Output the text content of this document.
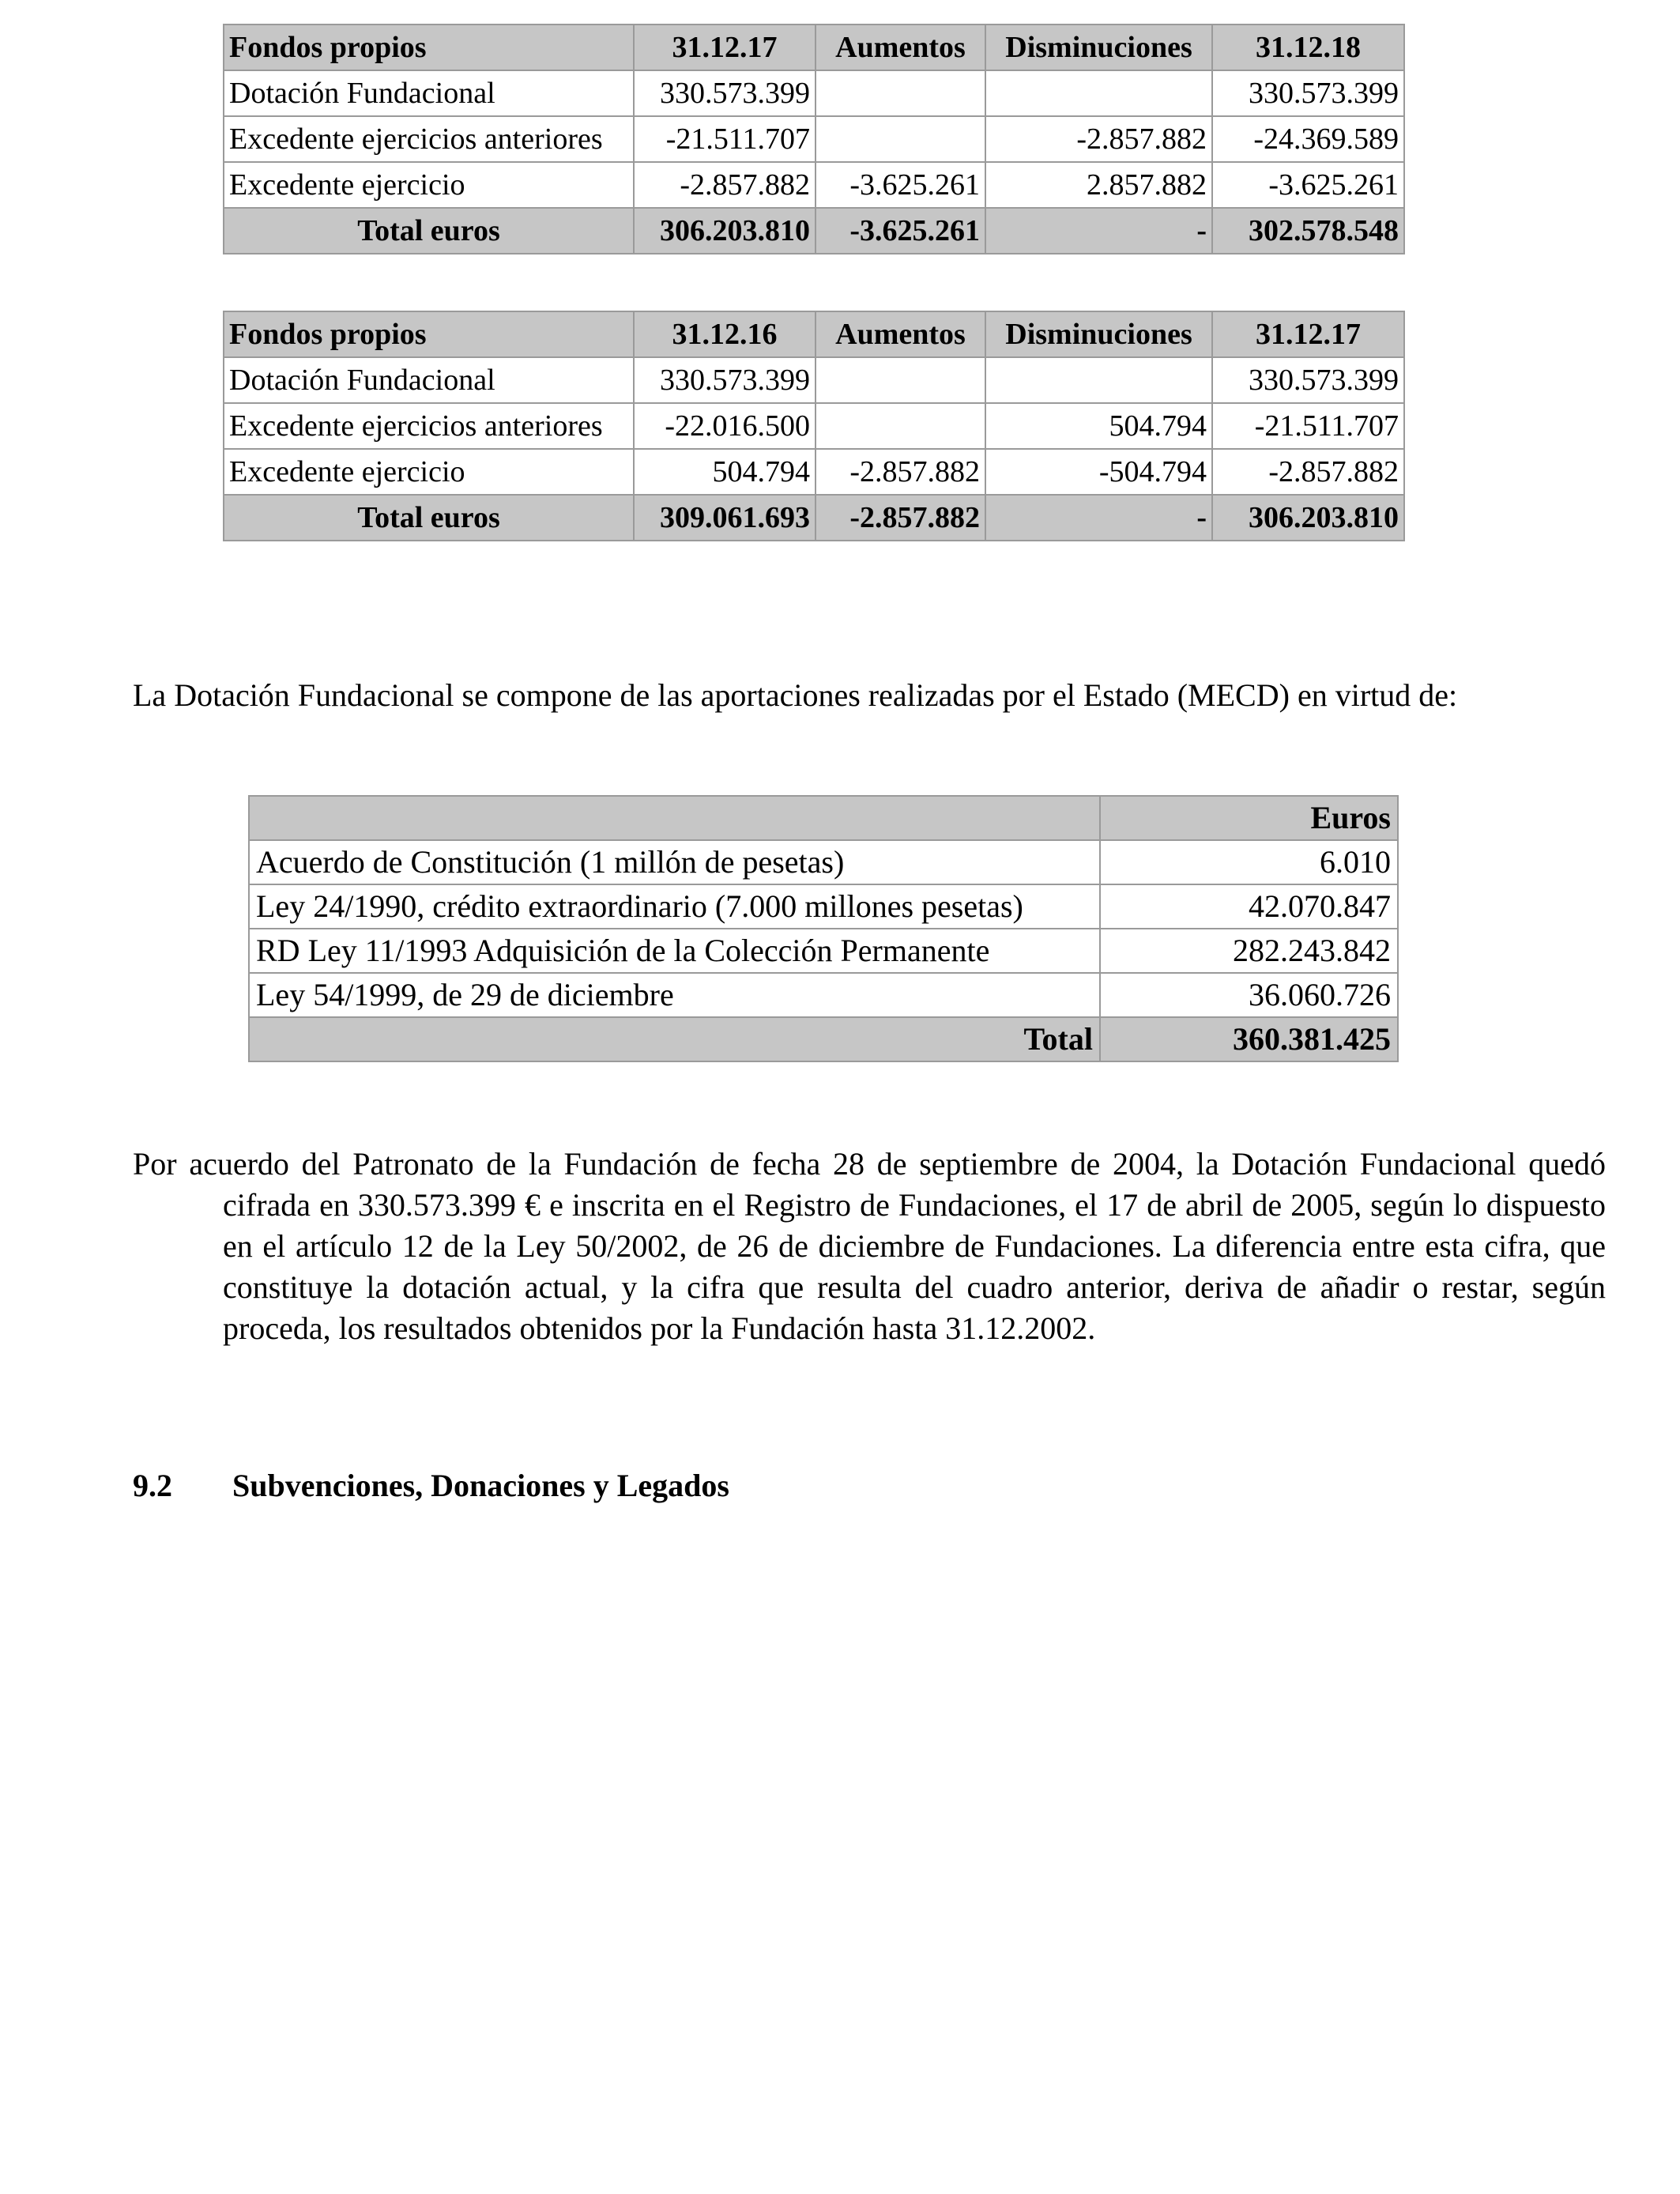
Fondos propios	31.12.17	Aumentos	Disminuciones	31.12.18
Dotación Fundacional	330.573.399			330.573.399
Excedente ejercicios anteriores	-21.511.707		-2.857.882	-24.369.589
Excedente ejercicio	-2.857.882	-3.625.261	2.857.882	-3.625.261
Total euros	306.203.810	-3.625.261	-	302.578.548
Fondos propios	31.12.16	Aumentos	Disminuciones	31.12.17
Dotación Fundacional	330.573.399			330.573.399
Excedente ejercicios anteriores	-22.016.500		504.794	-21.511.707
Excedente ejercicio	504.794	-2.857.882	-504.794	-2.857.882
Total euros	309.061.693	-2.857.882	-	306.203.810
La Dotación Fundacional se compone de las aportaciones realizadas por el Estado (MECD) en virtud de:
	Euros
Acuerdo de Constitución (1 millón de pesetas)	6.010
Ley 24/1990, crédito extraordinario (7.000 millones pesetas)	42.070.847
RD Ley 11/1993 Adquisición de la Colección Permanente	282.243.842
Ley 54/1999, de 29 de diciembre	36.060.726
Total	360.381.425
Por acuerdo del Patronato de la Fundación de fecha 28 de septiembre de 2004, la Dotación Fundacional quedó cifrada en 330.573.399 € e inscrita en el Registro de Fundaciones, el 17 de abril de 2005, según lo dispuesto en el artículo 12 de la Ley 50/2002, de 26 de diciembre de Fundaciones. La diferencia entre esta cifra, que constituye la dotación actual, y la cifra que resulta del cuadro anterior, deriva de añadir o restar, según proceda, los resultados obtenidos por la Fundación hasta 31.12.2002.
9.2 Subvenciones, Donaciones y Legados
